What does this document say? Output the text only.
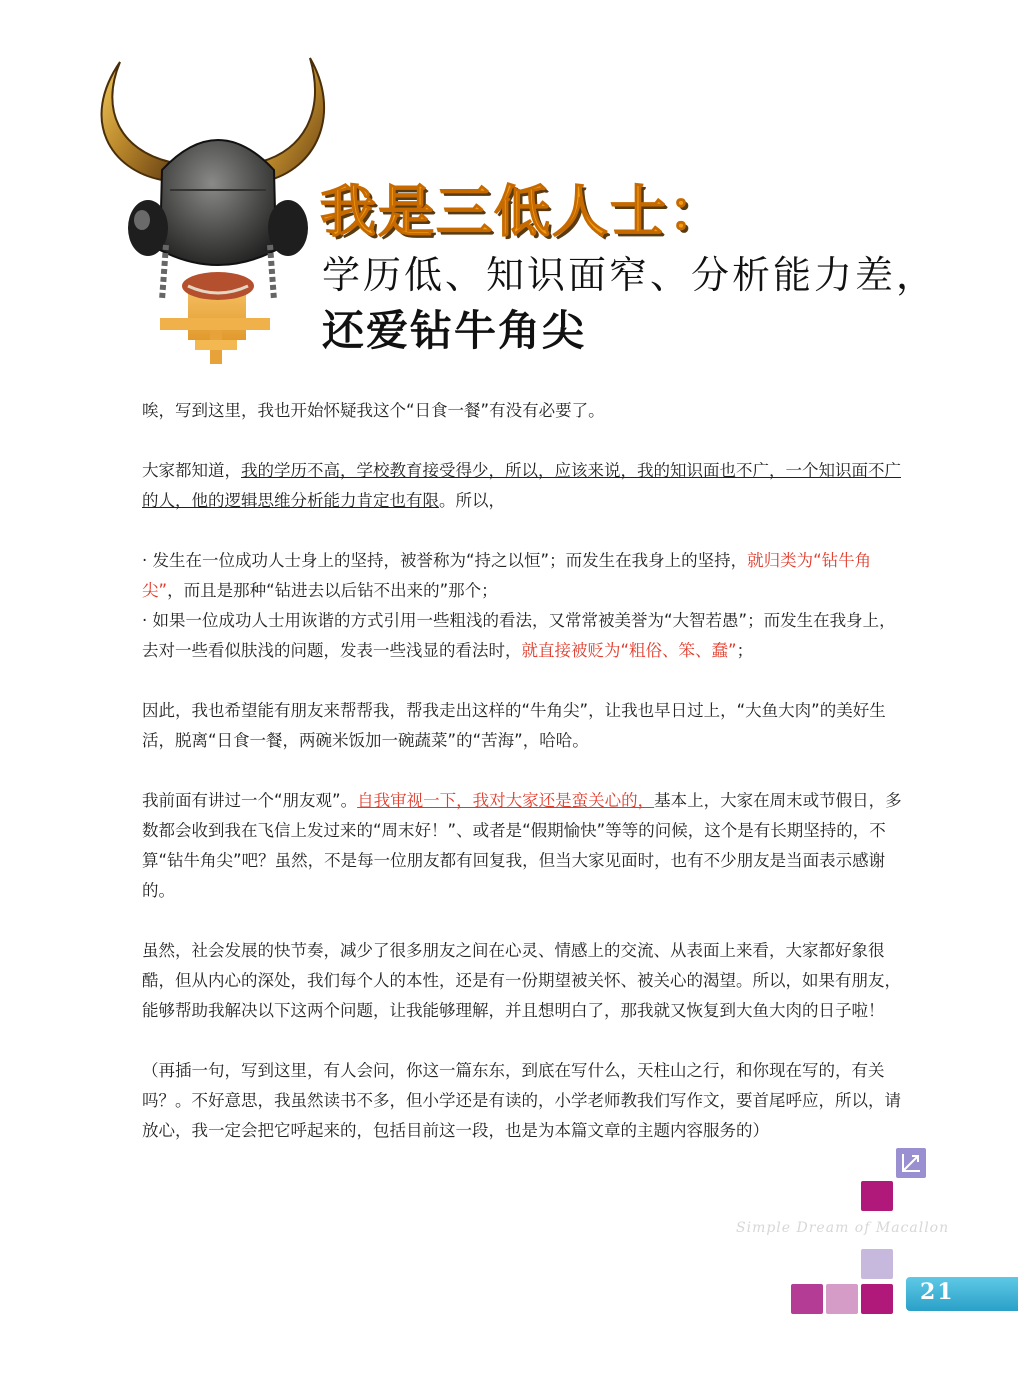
我是三低人士：
学历低、知识面窄、分析能力差，
还爱钻牛角尖

唉，写到这里，我也开始怀疑我这个“日食一餐”有没有必要了。

大家都知道，我的学历不高，学校教育接受得少，所以，应该来说，我的知识面也不广，一个知识面不广的人，他的逻辑思维分析能力肯定也有限。所以，

· 发生在一位成功人士身上的坚持，被誉称为“持之以恒”；而发生在我身上的坚持，就归类为“钻牛角尖”，而且是那种“钻进去以后钻不出来的”那个；

· 如果一位成功人士用诙谐的方式引用一些粗浅的看法，又常常被美誉为“大智若愚”；而发生在我身上，去对一些看似肤浅的问题，发表一些浅显的看法时，就直接被贬为“粗俗、笨、蠢”；

因此，我也希望能有朋友来帮帮我，帮我走出这样的“牛角尖”，让我也早日过上，“大鱼大肉”的美好生活，脱离“日食一餐，两碗米饭加一碗蔬菜”的“苦海”，哈哈。

我前面有讲过一个“朋友观”。自我审视一下，我对大家还是蛮关心的，基本上，大家在周末或节假日，多数都会收到我在飞信上发过来的“周末好！”、或者是“假期愉快”等等的问候，这个是有长期坚持的，不算“钻牛角尖”吧？虽然，不是每一位朋友都有回复我，但当大家见面时，也有不少朋友是当面表示感谢的。

虽然，社会发展的快节奏，减少了很多朋友之间在心灵、情感上的交流、从表面上来看，大家都好象很酷，但从内心的深处，我们每个人的本性，还是有一份期望被关怀、被关心的渴望。所以，如果有朋友，能够帮助我解决以下这两个问题，让我能够理解，并且想明白了，那我就又恢复到大鱼大肉的日子啦！

（再插一句，写到这里，有人会问，你这一篇东东，到底在写什么，天柱山之行，和你现在写的，有关吗？。不好意思，我虽然读书不多，但小学还是有读的，小学老师教我们写作文，要首尾呼应，所以，请放心，我一定会把它呼起来的，包括目前这一段，也是为本篇文章的主题内容服务的）

Simple Dream of Macallon
21
